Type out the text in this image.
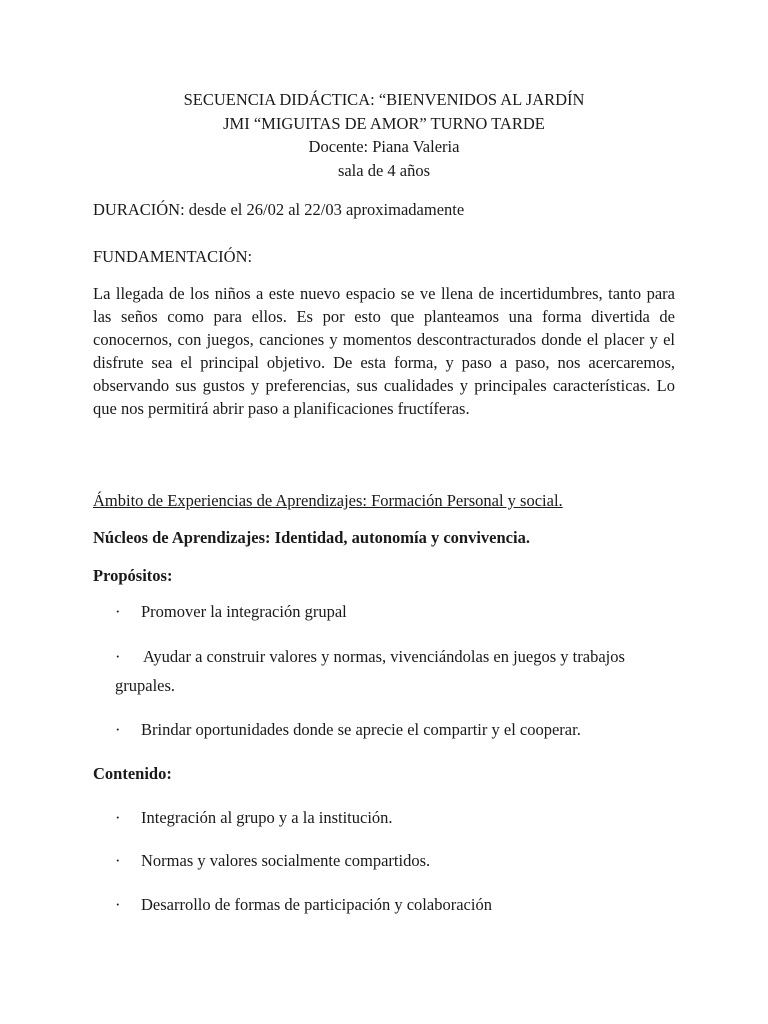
SECUENCIA DIDÁCTICA: “BIENVENIDOS AL JARDÍN
JMI “MIGUITAS DE AMOR” TURNO TARDE
Docente: Piana Valeria
sala de 4 años
DURACIÓN: desde el 26/02 al 22/03 aproximadamente
FUNDAMENTACIÓN:
La llegada de los niños a este nuevo espacio se ve llena de incertidumbres, tanto para las seños como para ellos. Es por esto que planteamos una forma divertida de conocernos, con juegos, canciones y momentos descontracturados donde el placer y el disfrute sea el principal objetivo. De esta forma, y paso a paso, nos acercaremos, observando sus gustos y preferencias, sus cualidades y principales características. Lo que nos permitirá abrir paso a planificaciones fructíferas.
Ámbito de Experiencias de Aprendizajes: Formación Personal y social.
Núcleos de Aprendizajes: Identidad, autonomía y convivencia.
Propósitos:
· Promover la integración grupal
· Ayudar a construir valores y normas, vivenciándolas en juegos y trabajos grupales.
· Brindar oportunidades donde se aprecie el compartir y el cooperar.
Contenido:
· Integración al grupo y a la institución.
· Normas y valores socialmente compartidos.
· Desarrollo de formas de participación y colaboración
